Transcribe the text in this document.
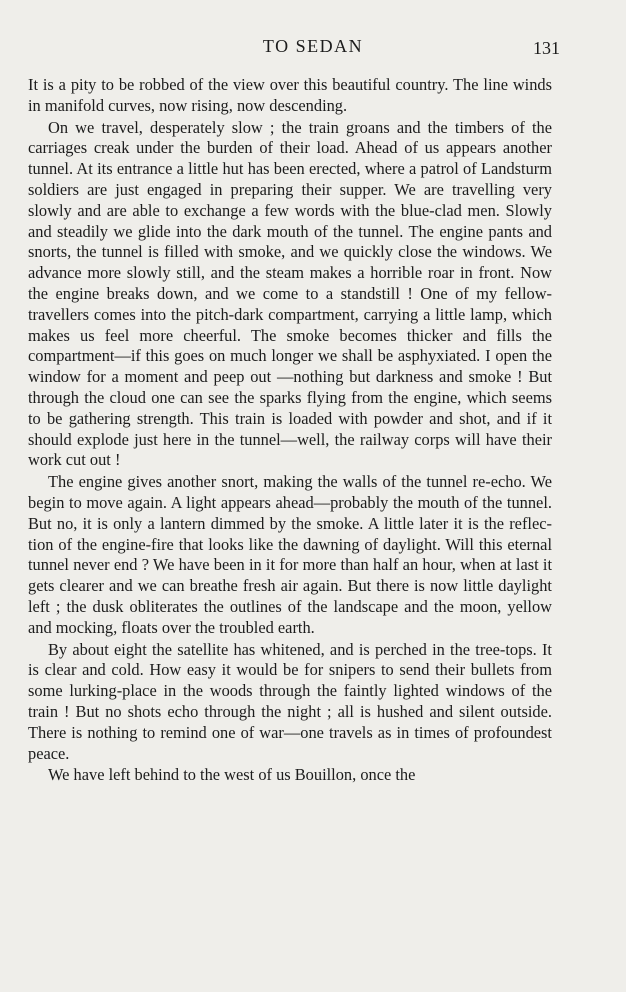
TO SEDAN	131

It is a pity to be robbed of the view over this beautiful country. The line winds in manifold curves, now rising, now descending.

On we travel, desperately slow ; the train groans and the timbers of the carriages creak under the burden of their load. Ahead of us appears another tunnel. At its entrance a little hut has been erected, where a patrol of Landsturm soldiers are just engaged in preparing their supper. We are travelling very slowly and are able to exchange a few words with the blue-clad men. Slowly and steadily we glide into the dark mouth of the tunnel. The engine pants and snorts, the tunnel is filled with smoke, and we quickly close the windows. We advance more slowly still, and the steam makes a horrible roar in front. Now the engine breaks down, and we come to a standstill ! One of my fellow-travellers comes into the pitch-dark compartment, carrying a little lamp, which makes us feel more cheerful. The smoke becomes thicker and fills the compartment—if this goes on much longer we shall be asphyxiated. I open the window for a moment and peep out —nothing but darkness and smoke ! But through the cloud one can see the sparks flying from the engine, which seems to be gathering strength. This train is loaded with powder and shot, and if it should explode just here in the tunnel—well, the railway corps will have their work cut out !

The engine gives another snort, making the walls of the tunnel re-echo. We begin to move again. A light appears ahead—probably the mouth of the tunnel. But no, it is only a lantern dimmed by the smoke. A little later it is the reflection of the engine-fire that looks like the dawning of daylight. Will this eternal tunnel never end ? We have been in it for more than half an hour, when at last it gets clearer and we can breathe fresh air again. But there is now little daylight left ; the dusk obliterates the outlines of the landscape and the moon, yellow and mocking, floats over the troubled earth.

By about eight the satellite has whitened, and is perched in the tree-tops. It is clear and cold. How easy it would be for snipers to send their bullets from some lurking-place in the woods through the faintly lighted windows of the train ! But no shots echo through the night ; all is hushed and silent outside. There is nothing to remind one of war—one travels as in times of profoundest peace.

We have left behind to the west of us Bouillon, once the
